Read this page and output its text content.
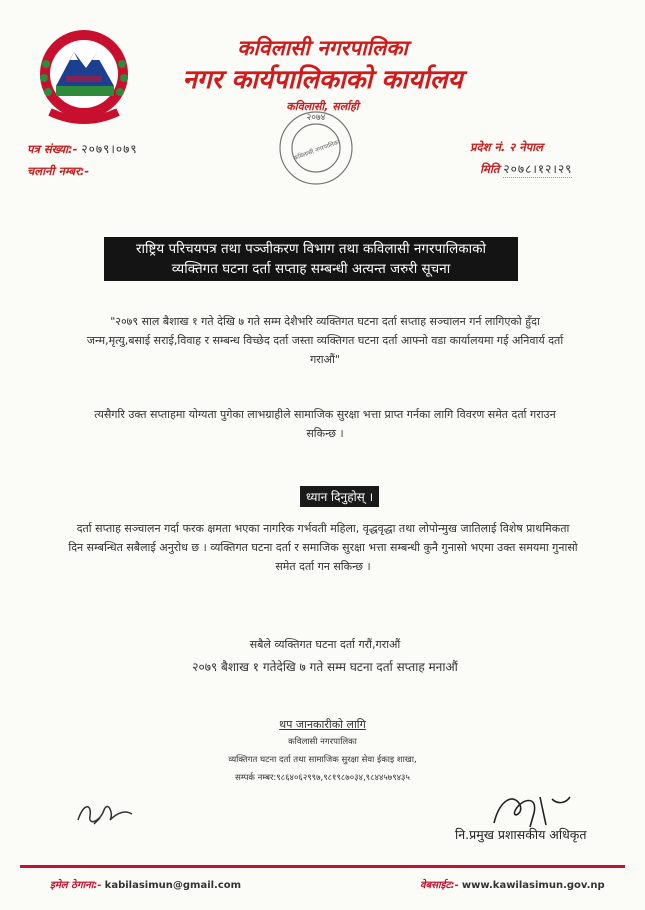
कविलासी नगरपालिका
नगर कार्यपालिकाको कार्यालय
कविलासी, सर्लाही
२०७४
कविलासी नगरपालिका
पत्र संख्या:- २०७९।०७९
चलानी नम्बर:-
प्रदेश नं. २ नेपाल
मिति २०७८।१२।२९
राष्ट्रिय परिचयपत्र तथा पञ्जीकरण विभाग तथा कविलासी नगरपालिकाको
व्यक्तिगत घटना दर्ता सप्ताह सम्बन्धी अत्यन्त जरुरी सूचना
"२०७९ साल बैशाख १ गते देखि ७ गते सम्म देशैभरि व्यक्तिगत घटना दर्ता सप्ताह सञ्चालन गर्न लागिएको हुँदा जन्म,मृत्यु,बसाई सराई,विवाह र सम्बन्ध विच्छेद दर्ता जस्ता व्यक्तिगत घटना दर्ता आफ्नो वडा कार्यालयमा गई अनिवार्य दर्ता गराऔं"
त्यसैगरि उक्त सप्ताहमा योग्यता पुगेका लाभग्राहीले सामाजिक सुरक्षा भत्ता प्राप्त गर्नका लागि विवरण समेत दर्ता गराउन सकिन्छ ।
ध्यान दिनुहोस् ।
दर्ता सप्ताह सञ्चालन गर्दा फरक क्षमता भएका नागरिक गर्भवती महिला, वृद्धवृद्धा तथा लोपोन्मुख जातिलाई विशेष प्राथमिकता दिन सम्बन्धित सबैलाई अनुरोध छ । व्यक्तिगत घटना दर्ता र समाजिक सुरक्षा भत्ता सम्बन्धी कुनै गुनासो भएमा उक्त समयमा गुनासो समेत दर्ता गन सकिन्छ ।
सबैले व्यक्तिगत घटना दर्ता गरौं,गराऔं
२०७९ बैशाख १ गतेदेखि ७ गते सम्म घटना दर्ता सप्ताह मनाऔं
थप जानकारीको लागि
कविलासी नगरपालिका
व्यक्तिगत घटना दर्ता तथा सामाजिक सुरक्षा सेवा ईकाइ शाखा,
सम्पर्क नम्बर:९८६४०६२९९७,९८१९८७०३४,९८४४५७९४३५
नि.प्रमुख प्रशासकीय अधिकृत
इमेल ठेगाना:- kabilasimun@gmail.com	वेबसाईट:- www.kawilasimun.gov.np
